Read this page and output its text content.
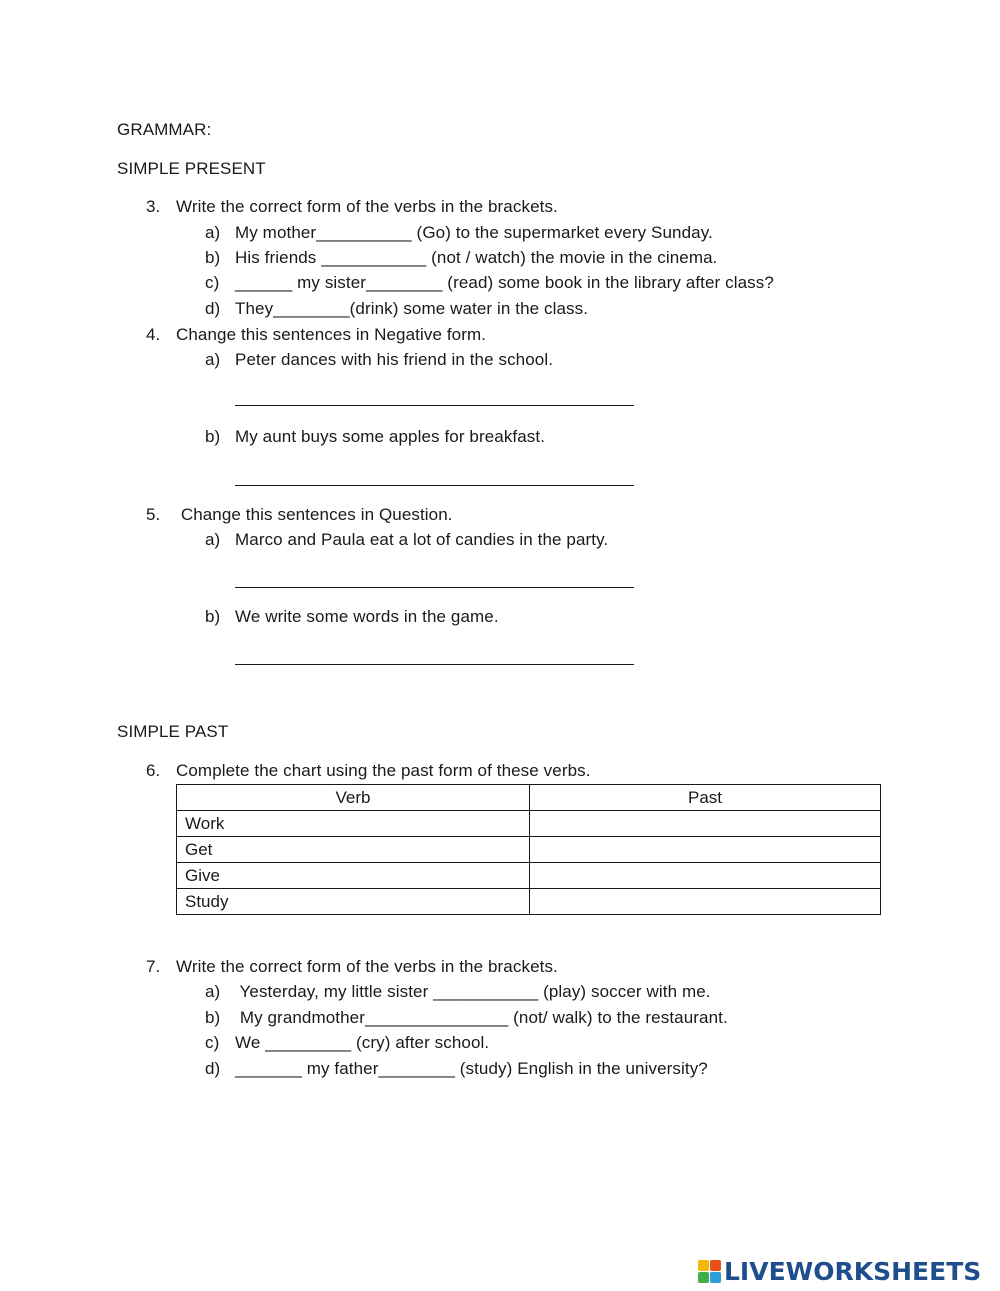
GRAMMAR:
SIMPLE PRESENT
3. Write the correct form of the verbs in the brackets.
a) My mother__________ (Go) to the supermarket every Sunday.
b) His friends ___________ (not / watch) the movie in the cinema.
c) ______ my sister________ (read) some book in the library after class?
d) They________(drink) some water in the class.
4. Change this sentences in Negative form.
a) Peter dances with his friend in the school.
b) My aunt buys some apples for breakfast.
5. Change this sentences in Question.
a) Marco and Paula eat a lot of candies in the party.
b) We write some words in the game.
SIMPLE PAST
6. Complete the chart using the past form of these verbs.
Verb	Past
Work	
Get	
Give	
Study	
7. Write the correct form of the verbs in the brackets.
a) Yesterday, my little sister ___________ (play) soccer with me.
b) My grandmother_______________ (not/ walk) to the restaurant.
c) We _________ (cry) after school.
d) _______ my father________ (study) English in the university?
LIVEWORKSHEETS
